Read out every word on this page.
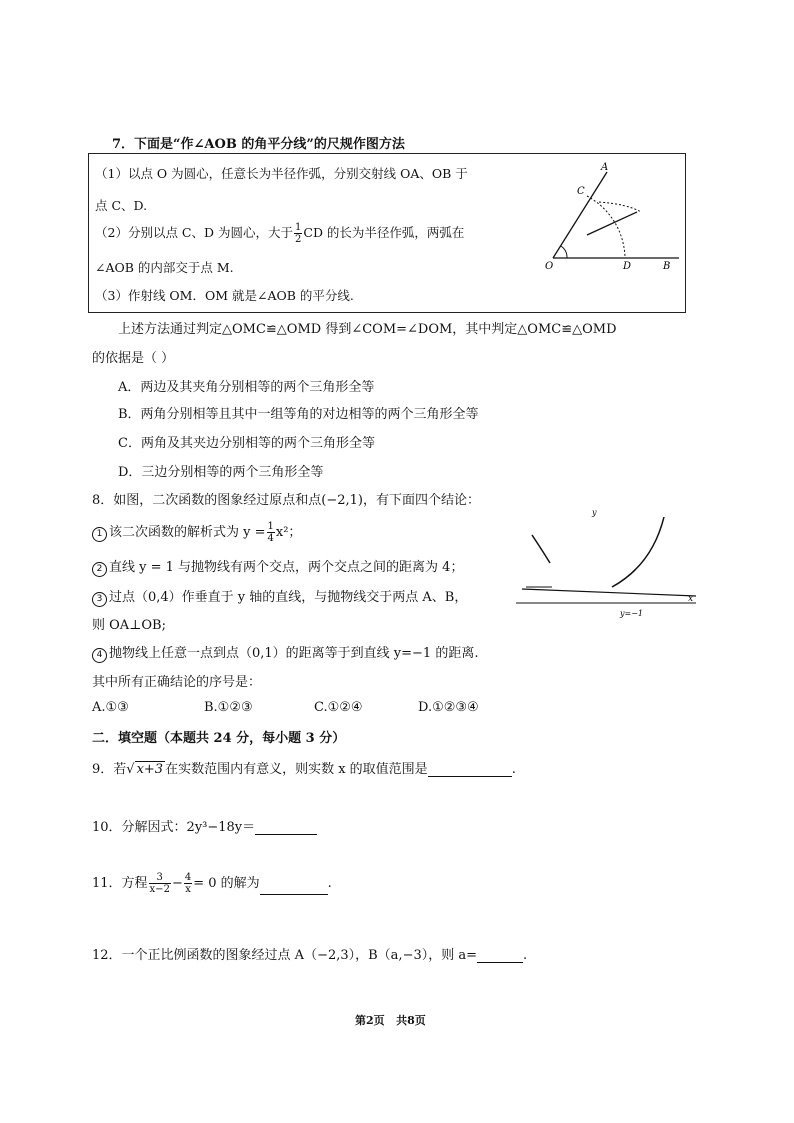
7．下面是“作∠AOB 的角平分线”的尺规作图方法
（1）以点 O 为圆心，任意长为半径作弧，分别交射线 OA、OB 于
点 C、D.
（2）分别以点 C、D 为圆心，大于 $\frac{1}{2}$ CD 的长为半径作弧，两弧在
∠AOB 的内部交于点 M.
（3）作射线 OM．OM 就是∠AOB 的平分线.
A
C
O	D	B
上述方法通过判定△OMC≌△OMD 得到∠COM=∠DOM，其中判定△OMC≌△OMD
的依据是（ ）
A．两边及其夹角分别相等的两个三角形全等
B．两角分别相等且其中一组等角的对边相等的两个三角形全等
C．两角及其夹边分别相等的两个三角形全等
D．三边分别相等的两个三角形全等
8．如图，二次函数的图象经过原点和点(−2,1)，有下面四个结论：
1 该二次函数的解析式为 $y = \frac{1}{4} x^2$；
2 直线 y = 1 与抛物线有两个交点，两个交点之间的距离为 4；
3 过点（0,4）作垂直于 y 轴的直线，与抛物线交于两点 A、B，
则 OA⊥OB;
4 抛物线上任意一点到点（0,1）的距离等于到直线 y=−1 的距离.
其中所有正确结论的序号是：
A.①③	B.①②③	C.①②④	D.①②③④
y
x
y=−1
二．填空题（本题共 24 分，每小题 3 分）
9．若√ x+3 在实数范围内有意义，则实数 x 的取值范围是	.
10．分解因式：2y³−18y＝
11．方程 $\frac{3}{x-2} - \frac{4}{x} = 0$ 的解为	.
12．一个正比例函数的图象经过点 A（−2,3），B（a,−3），则 a=	.
第2页 共8页
